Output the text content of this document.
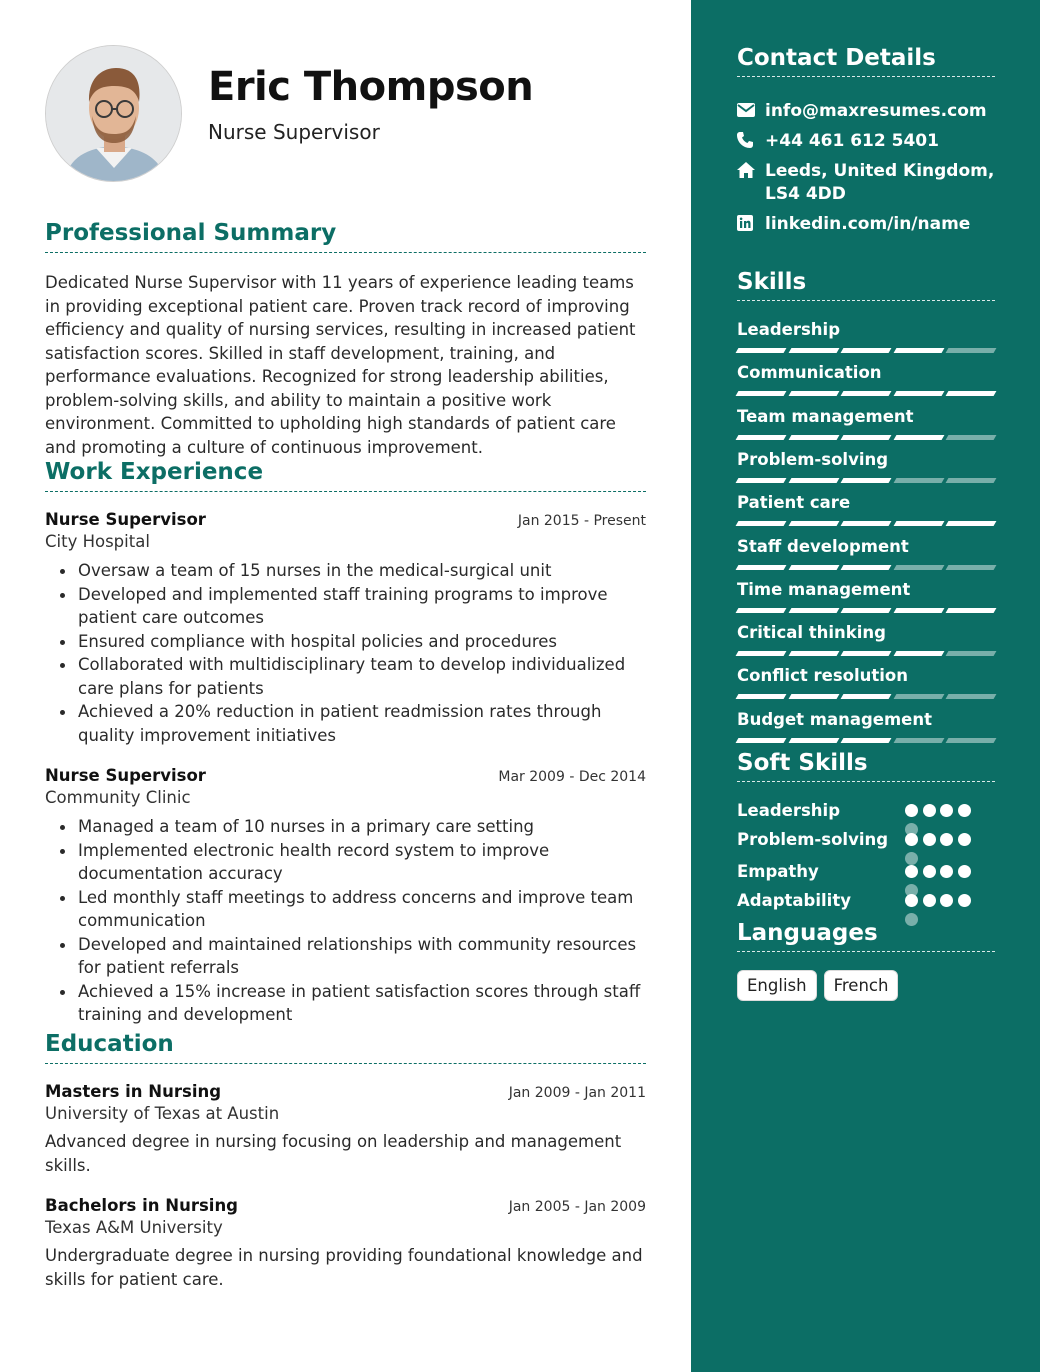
Eric Thompson
Nurse Supervisor
Professional Summary
Dedicated Nurse Supervisor with 11 years of experience leading teams in providing exceptional patient care. Proven track record of improving efficiency and quality of nursing services, resulting in increased patient satisfaction scores. Skilled in staff development, training, and performance evaluations. Recognized for strong leadership abilities, problem-solving skills, and ability to maintain a positive work environment. Committed to upholding high standards of patient care and promoting a culture of continuous improvement.
Work Experience
Nurse Supervisor	Jan 2015 - Present
City Hospital
Oversaw a team of 15 nurses in the medical-surgical unit
Developed and implemented staff training programs to improve patient care outcomes
Ensured compliance with hospital policies and procedures
Collaborated with multidisciplinary team to develop individualized care plans for patients
Achieved a 20% reduction in patient readmission rates through quality improvement initiatives
Nurse Supervisor	Mar 2009 - Dec 2014
Community Clinic
Managed a team of 10 nurses in a primary care setting
Implemented electronic health record system to improve documentation accuracy
Led monthly staff meetings to address concerns and improve team communication
Developed and maintained relationships with community resources for patient referrals
Achieved a 15% increase in patient satisfaction scores through staff training and development
Education
Masters in Nursing	Jan 2009 - Jan 2011
University of Texas at Austin
Advanced degree in nursing focusing on leadership and management skills.
Bachelors in Nursing	Jan 2005 - Jan 2009
Texas A&M University
Undergraduate degree in nursing providing foundational knowledge and skills for patient care.
Contact Details
info@maxresumes.com
+44 461 612 5401
Leeds, United Kingdom, LS4 4DD
linkedin.com/in/name
Skills
Leadership
Communication
Team management
Problem-solving
Patient care
Staff development
Time management
Critical thinking
Conflict resolution
Budget management
Soft Skills
Leadership
Problem-solving
Empathy
Adaptability
Languages
English	French
